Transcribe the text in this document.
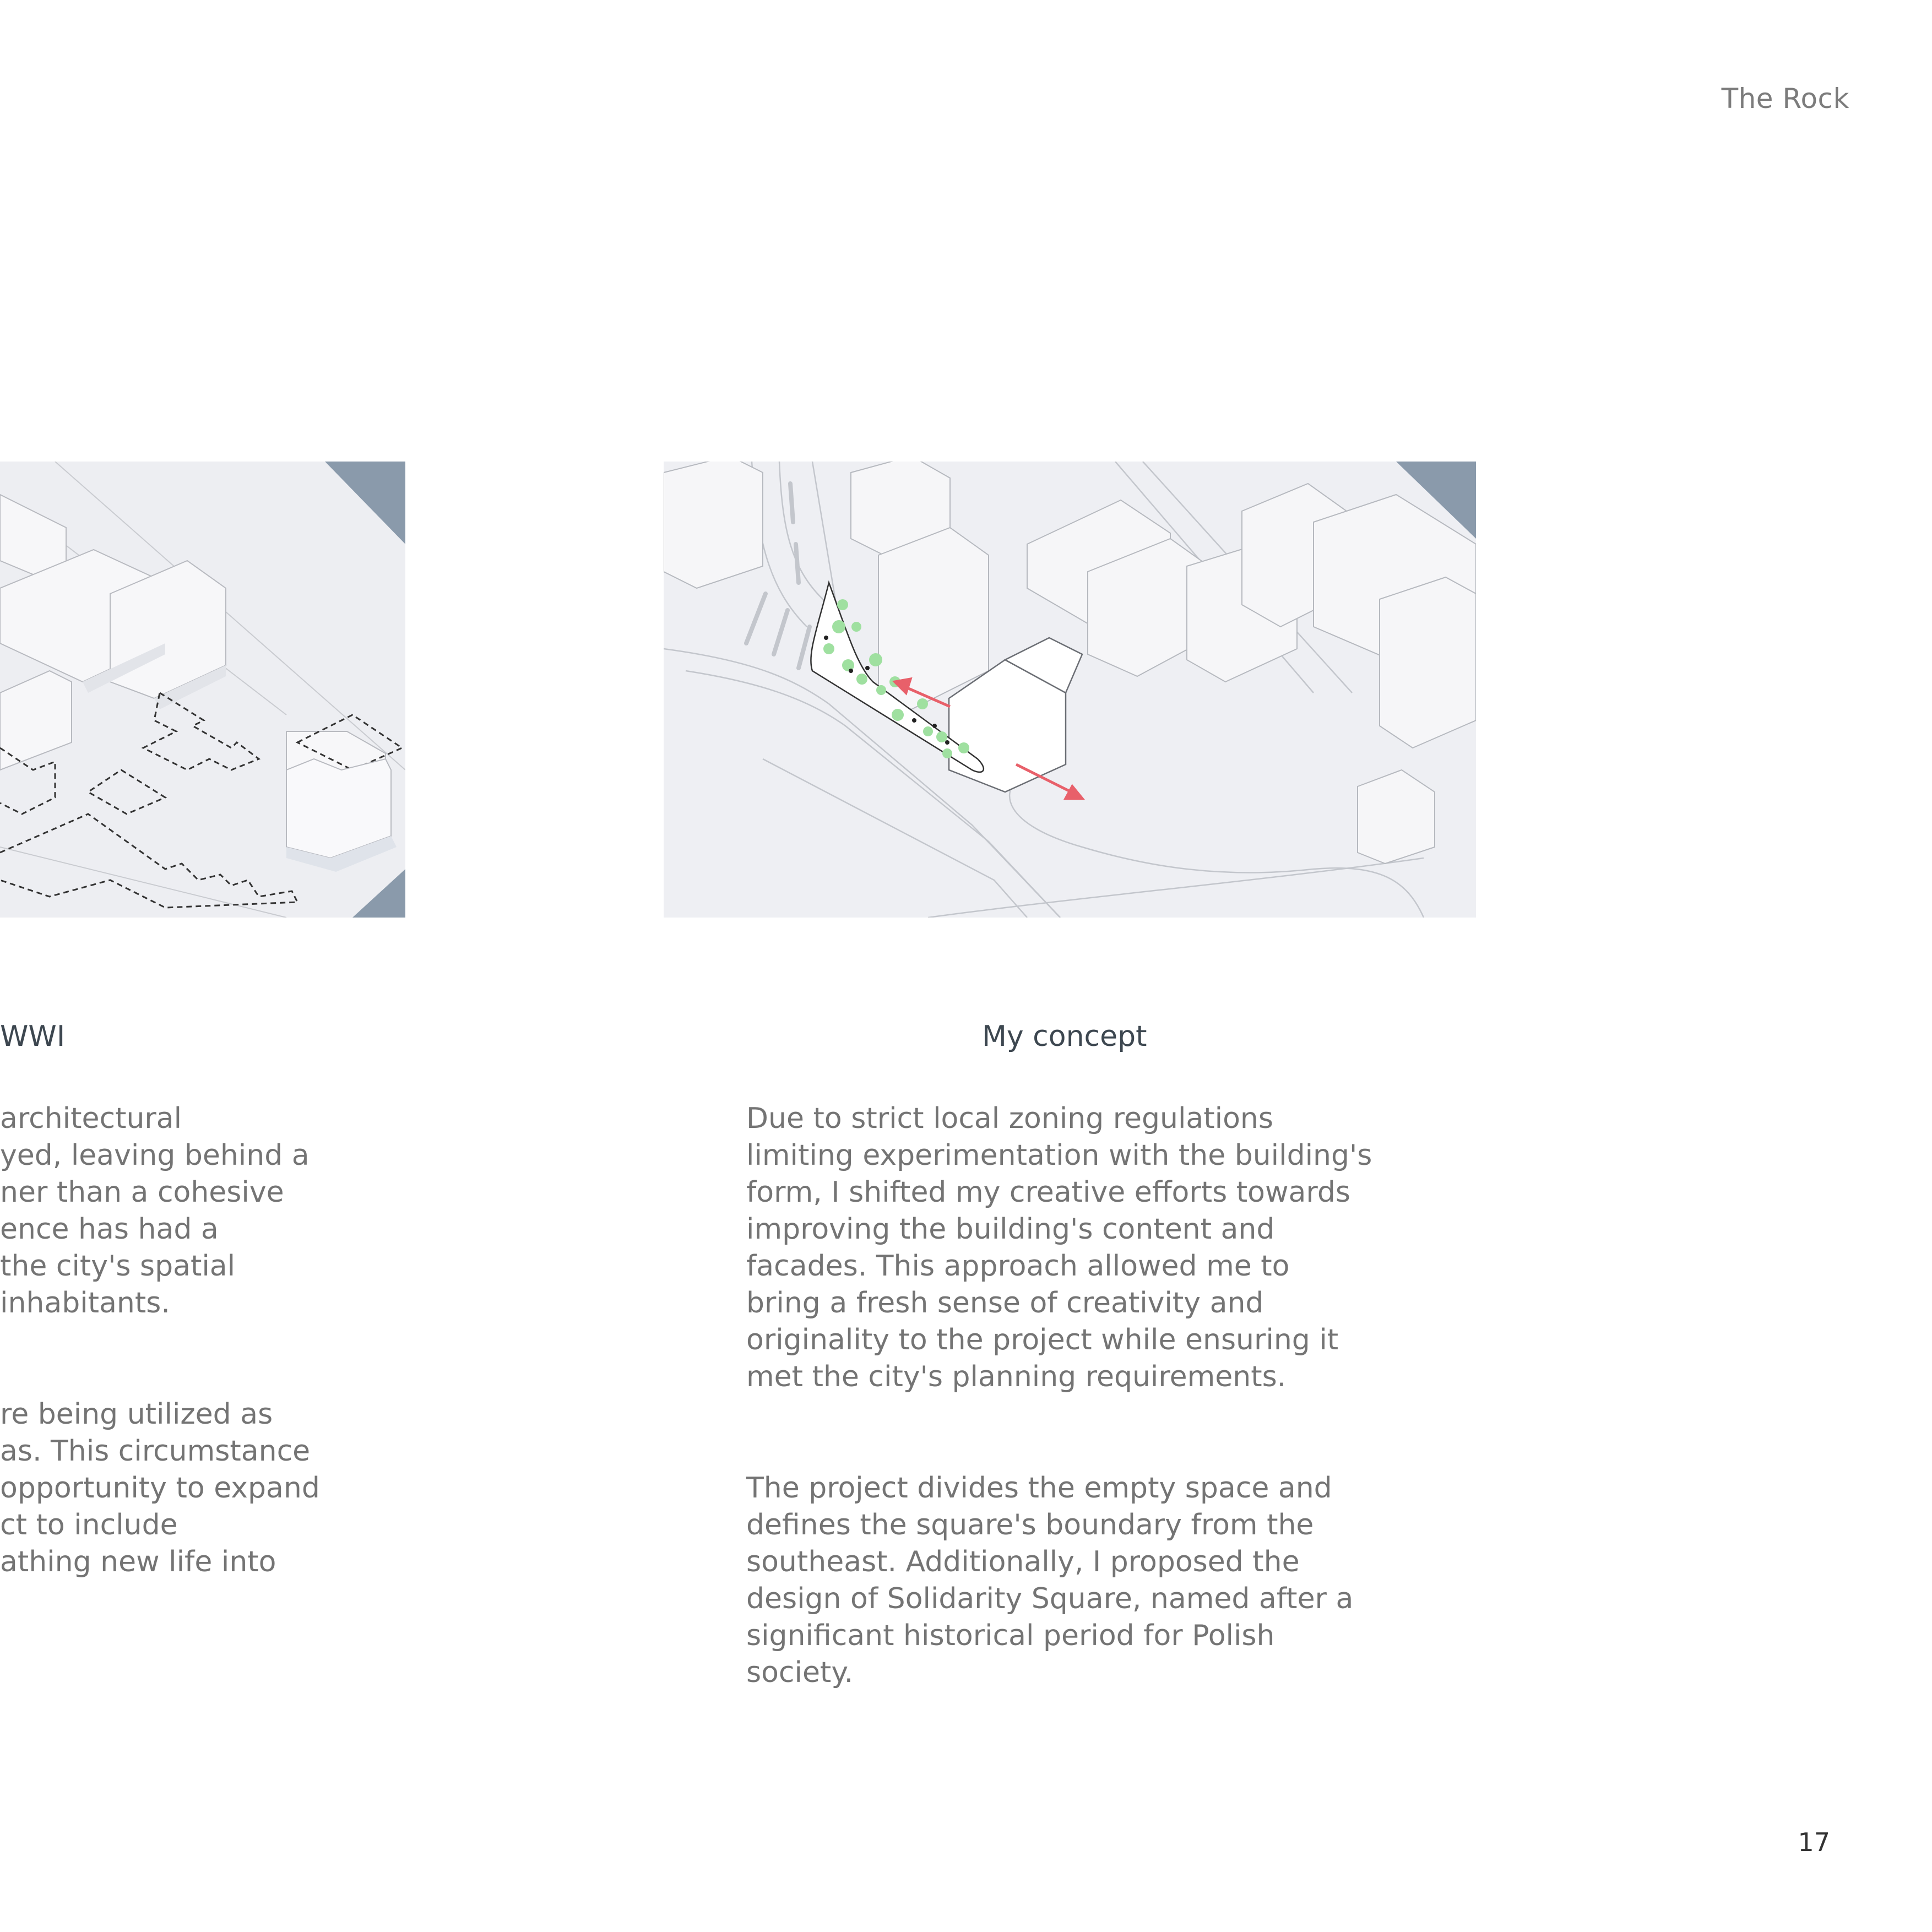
The Rock
WWI	My concept

architectural
yed, leaving behind a
ner than a cohesive
ence has had a
the city's spatial
inhabitants.

re being utilized as
as. This circumstance
opportunity to expand
ct to include
athing new life into

Due to strict local zoning regulations
limiting experimentation with the building's
form, I shifted my creative efforts towards
improving the building's content and
facades. This approach allowed me to
bring a fresh sense of creativity and
originality to the project while ensuring it
met the city's planning requirements.

The project divides the empty space and
defines the square's boundary from the
southeast. Additionally, I proposed the
design of Solidarity Square, named after a
significant historical period for Polish
society.

17
